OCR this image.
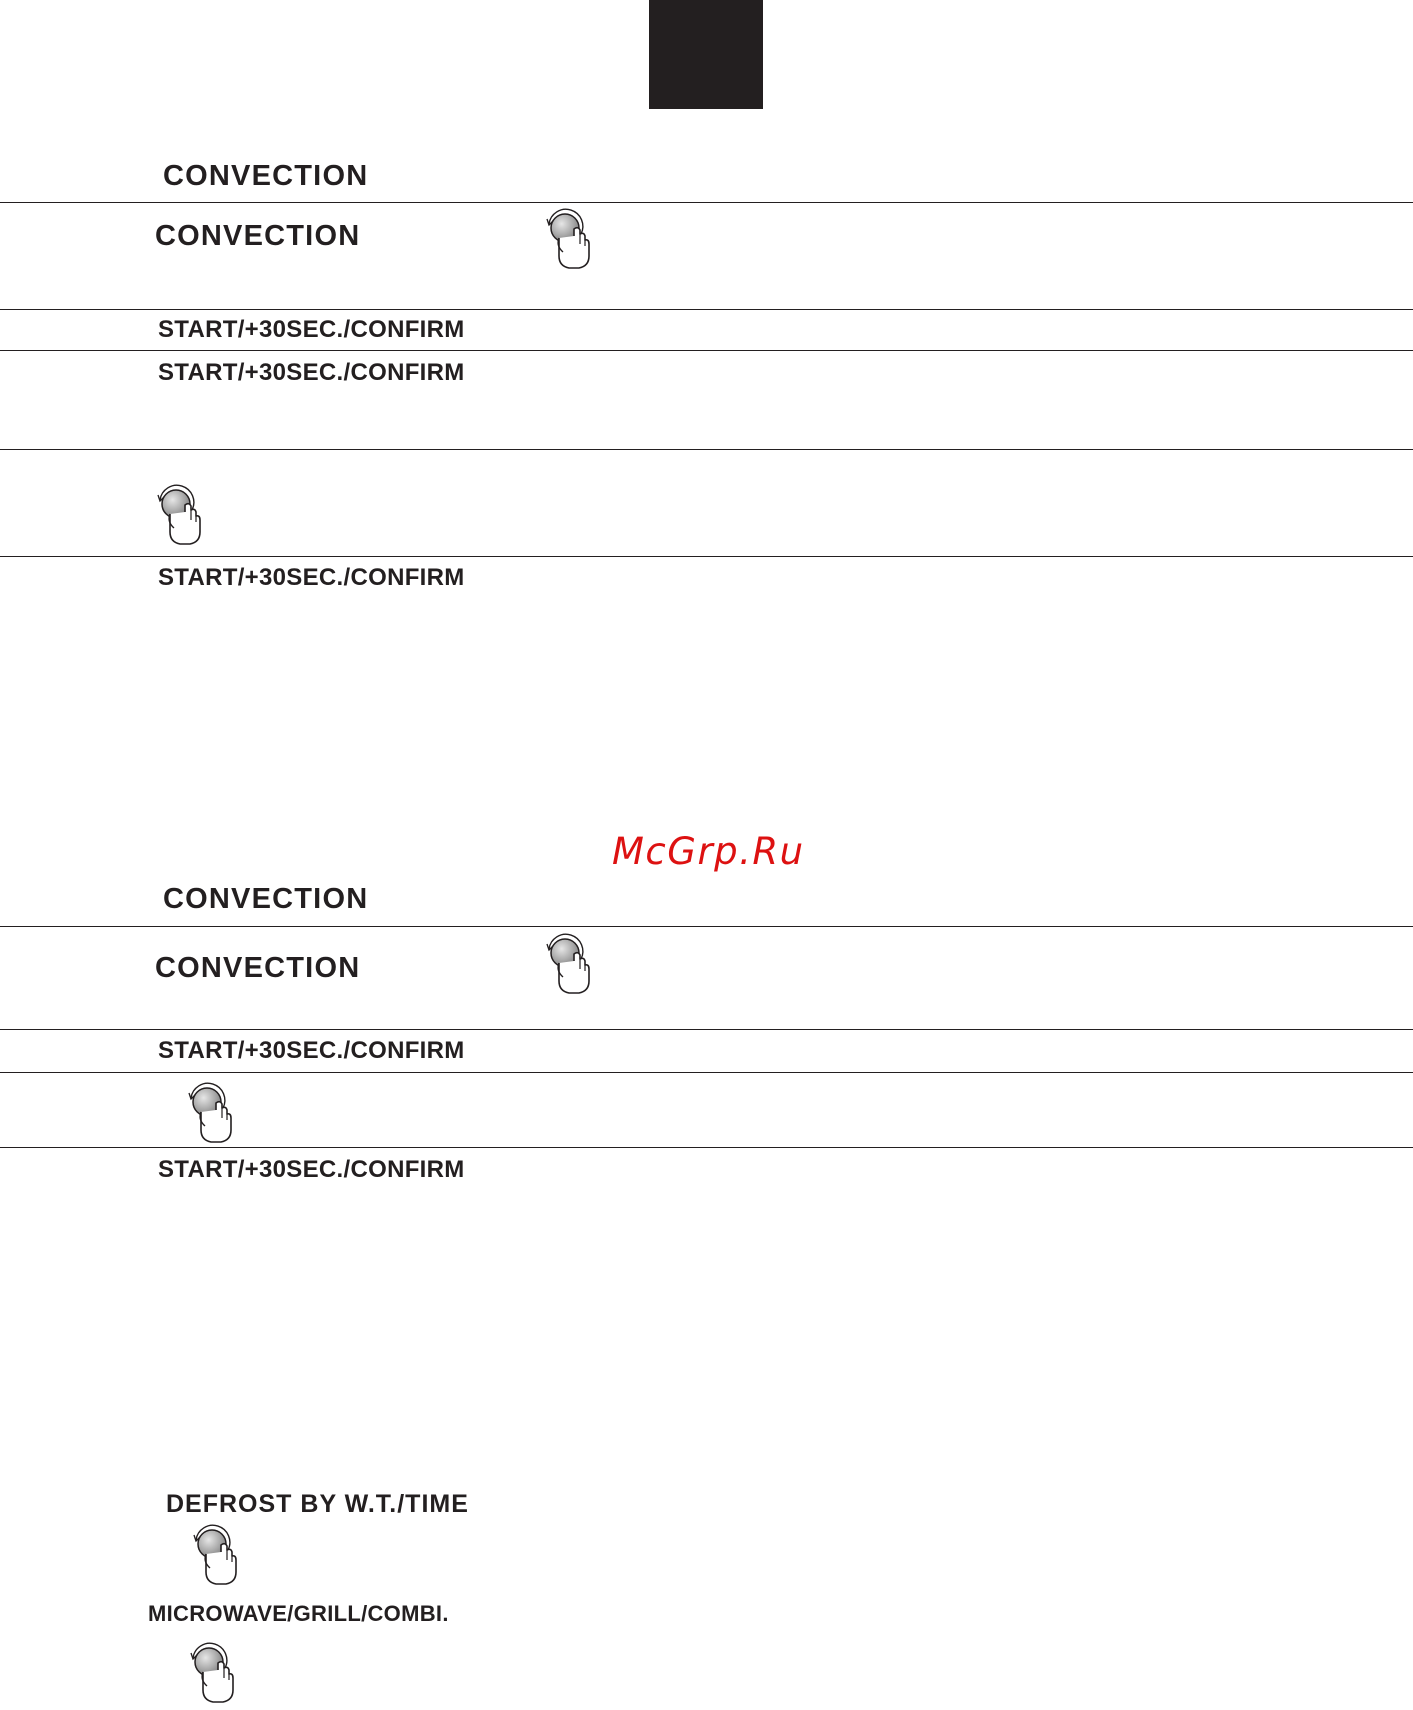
CONVECTION
CONVECTION
START/+30SEC./CONFIRM
START/+30SEC./CONFIRM
START/+30SEC./CONFIRM
McGrp.Ru
CONVECTION
CONVECTION
START/+30SEC./CONFIRM
START/+30SEC./CONFIRM
DEFROST BY W.T./TIME
MICROWAVE/GRILL/COMBI.
